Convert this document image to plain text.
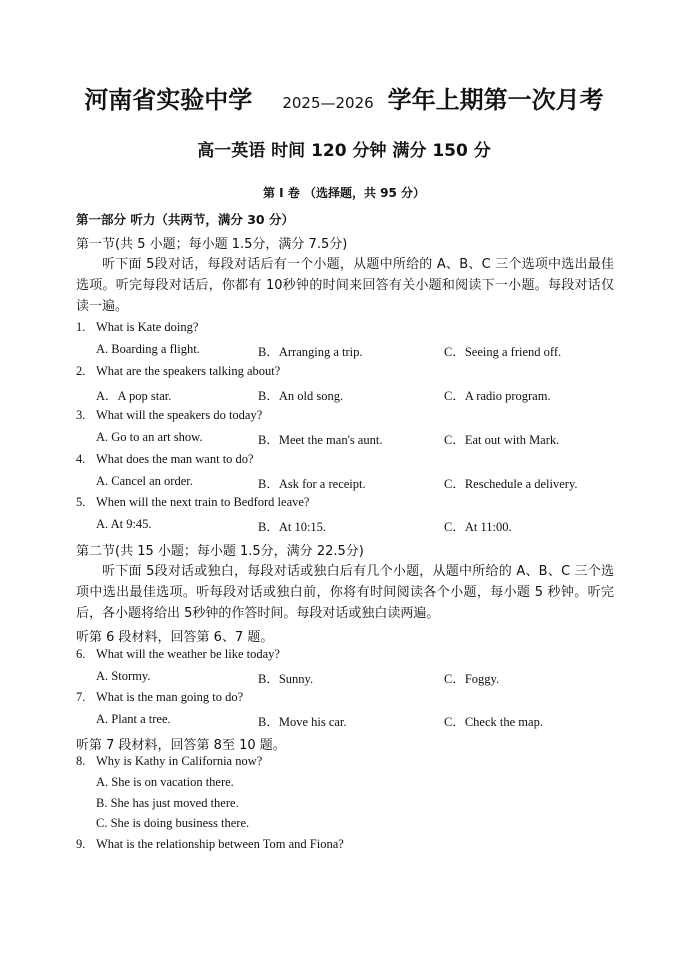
河南省实验中学 2025—2026 学年上期第一次月考
高一英语 时间 120 分钟 满分 150 分
第 Ⅰ 卷 （选择题，共 95 分）
第一部分 听力（共两节，满分 30 分）
第一节(共 5 小题；每小题 1.5分，满分 7.5分)
听下面 5段对话，每段对话后有一个小题，从题中所给的 A、B、C 三个选项中选出最佳选项。听完每段对话后，你都有 10秒钟的时间来回答有关小题和阅读下一小题。每段对话仅读一遍。
1. What is Kate doing?
A. Boarding a flight.	B．Arranging a trip.	C．Seeing a friend off.
2. What are the speakers talking about?
A．A pop star.	B．An old song.	C．A radio program.
3. What will the speakers do today?
A. Go to an art show.	B．Meet the man's aunt.	C．Eat out with Mark.
4. What does the man want to do?
A. Cancel an order.	B．Ask for a receipt.	C．Reschedule a delivery.
5. When will the next train to Bedford leave?
A. At 9:45.	B．At 10:15.	C．At 11:00.
第二节(共 15 小题；每小题 1.5分，满分 22.5分)
听下面 5段对话或独白，每段对话或独白后有几个小题，从题中所给的 A、B、C 三个选项中选出最佳选项。听每段对话或独白前，你将有时间阅读各个小题，每小题 5 秒钟。听完后，各小题将给出 5秒钟的作答时间。每段对话或独白读两遍。
听第 6 段材料，回答第 6、7 题。
6. What will the weather be like today?
A. Stormy.	B．Sunny.	C．Foggy.
7. What is the man going to do?
A. Plant a tree.	B．Move his car.	C．Check the map.
听第 7 段材料，回答第 8至 10 题。
8. Why is Kathy in California now?
A. She is on vacation there.
B. She has just moved there.
C. She is doing business there.
9. What is the relationship between Tom and Fiona?
